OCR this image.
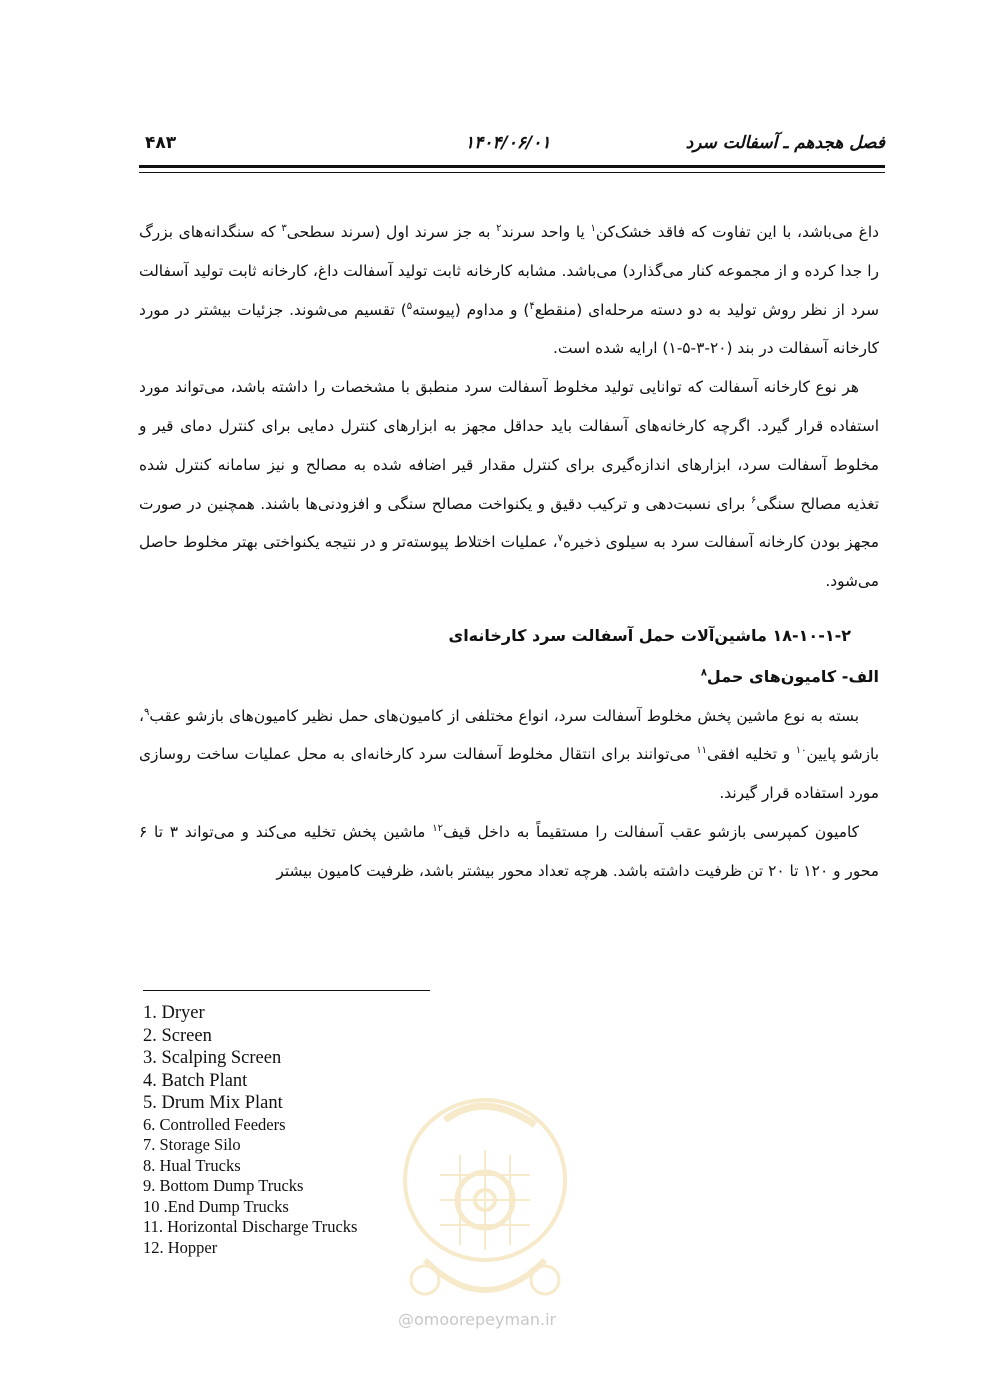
فصل هجدهم ـ آسفالت سرد
۱۴۰۴/۰۶/۰۱
۴۸۳

داغ می‌باشد، با این تفاوت که فاقد خشک‌کن$^۱$ یا واحد سرند$^۲$ به جز سرند اول (سرند سطحی$^۳$ که سنگدانه‌های بزرگ را جدا کرده و از مجموعه کنار می‌گذارد) می‌باشد. مشابه کارخانه ثابت تولید آسفالت داغ، کارخانه ثابت تولید آسفالت سرد از نظر روش تولید به دو دسته مرحله‌ای (منقطع$^۴$) و مداوم (پیوسته$^۵$) تقسیم می‌شوند. جزئیات بیشتر در مورد کارخانه آسفالت در بند (۲۰-۳-۵-۱) ارایه شده است.

هر نوع کارخانه آسفالت که توانایی تولید مخلوط آسفالت سرد منطبق با مشخصات را داشته باشد، می‌تواند مورد استفاده قرار گیرد. اگرچه کارخانه‌های آسفالت باید حداقل مجهز به ابزارهای کنترل دمایی برای کنترل دمای قیر و مخلوط آسفالت سرد، ابزارهای اندازه‌گیری برای کنترل مقدار قیر اضافه شده به مصالح و نیز سامانه کنترل شده تغذیه مصالح سنگی$^۶$ برای نسبت‌دهی و ترکیب دقیق و یکنواخت مصالح سنگی و افزودنی‌ها باشند. همچنین در صورت مجهز بودن کارخانه آسفالت سرد به سیلوی ذخیره$^۷$، عملیات اختلاط پیوسته‌تر و در نتیجه یکنواختی بهتر مخلوط حاصل می‌شود.

۱۸-۱۰-۱-۲ ماشین‌آلات حمل آسفالت سرد کارخانه‌ای
الف- کامیون‌های حمل$^۸$

بسته به نوع ماشین پخش مخلوط آسفالت سرد، انواع مختلفی از کامیون‌های حمل نظیر کامیون‌های بازشو عقب$^۹$، بازشو پایین$^{۱۰}$ و تخلیه افقی$^{۱۱}$ می‌توانند برای انتقال مخلوط آسفالت سرد کارخانه‌ای به محل عملیات ساخت روسازی مورد استفاده قرار گیرند.

کامیون کمپرسی بازشو عقب آسفالت را مستقیماً به داخل قیف$^{۱۲}$ ماشین پخش تخلیه می‌کند و می‌تواند ۳ تا ۶ محور و ۱۲۰ تا ۲۰ تن ظرفیت داشته باشد. هرچه تعداد محور بیشتر باشد، ظرفیت کامیون بیشتر

1. Dryer
2. Screen
3. Scalping Screen
4. Batch Plant
5. Drum Mix Plant
6. Controlled Feeders
7. Storage Silo
8. Hual Trucks
9. Bottom Dump Trucks
10 .End Dump Trucks
11. Horizontal Discharge Trucks
12. Hopper
@omoorepeyman.ir
